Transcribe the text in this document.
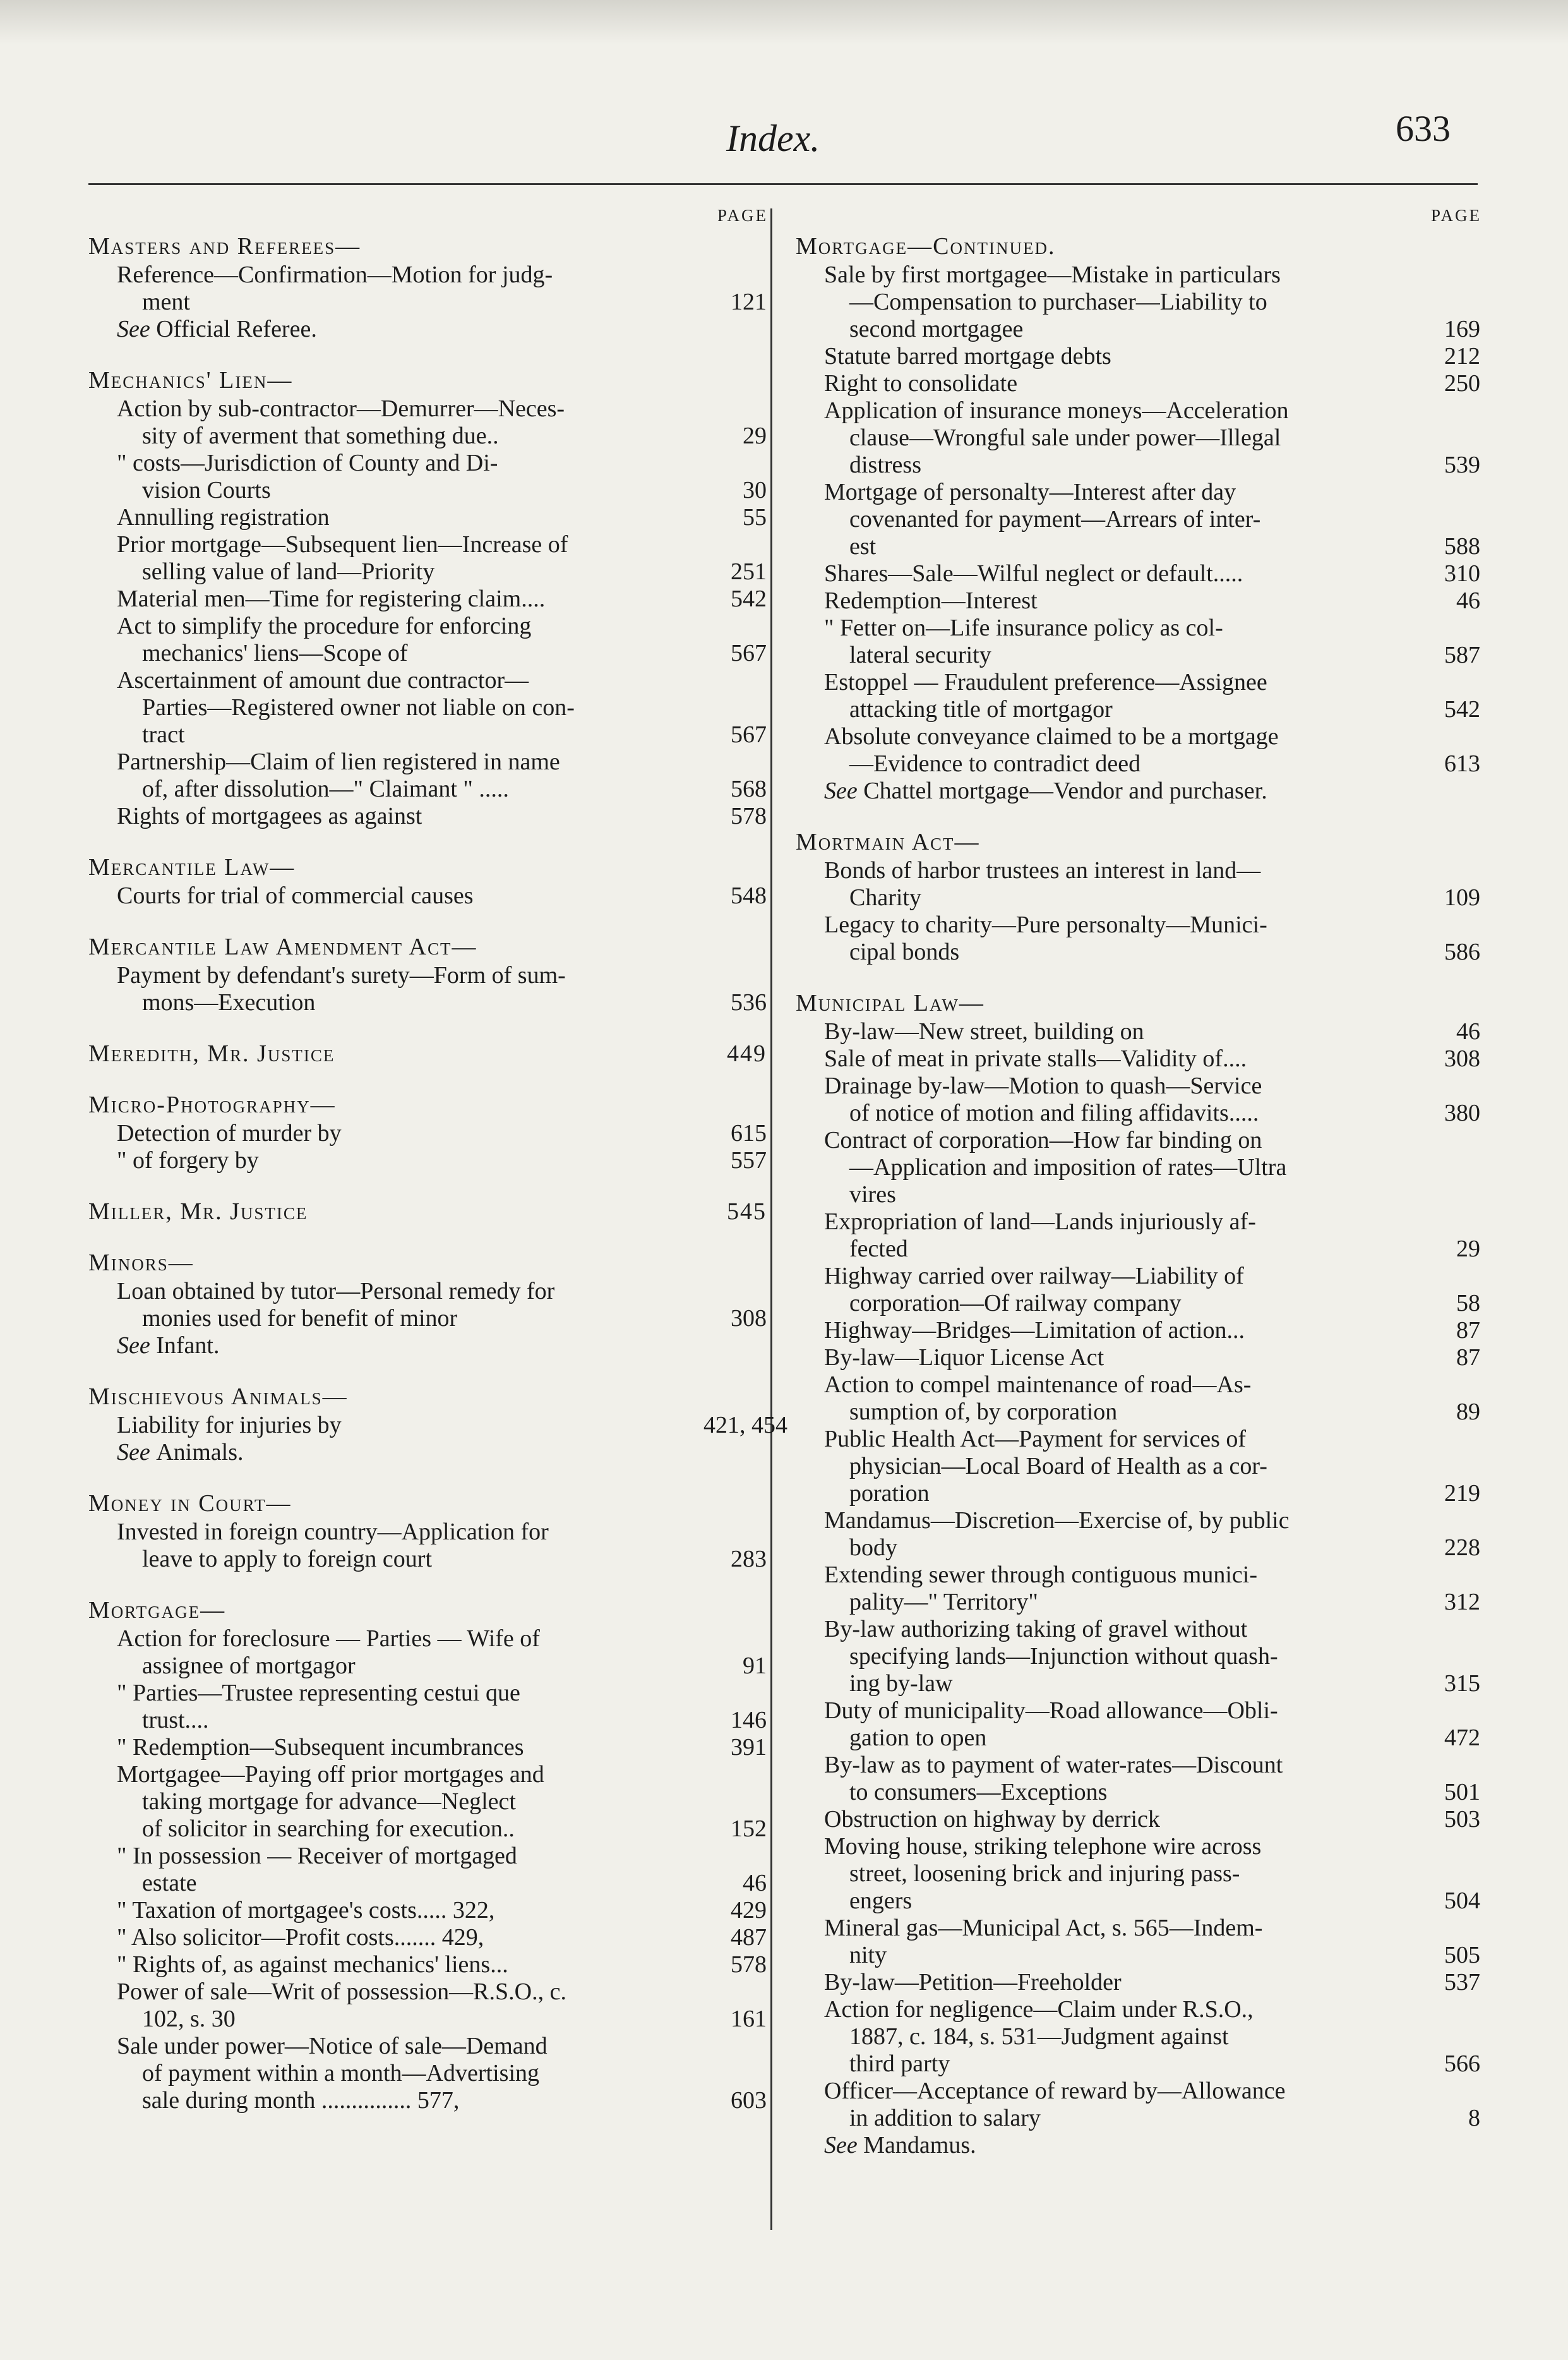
Index.	633
PAGE
Masters and Referees—
Reference—Confirmation—Motion for judg-
ment	121
See Official Referee.
Mechanics' Lien—
Action by sub-contractor—Demurrer—Neces-
sity of averment that something due..	29
" costs—Jurisdiction of County and Di-
vision Courts	30
Annulling registration	55
Prior mortgage—Subsequent lien—Increase of
selling value of land—Priority	251
Material men—Time for registering claim....	542
Act to simplify the procedure for enforcing
mechanics' liens—Scope of	567
Ascertainment of amount due contractor—
Parties—Registered owner not liable on con-
tract	567
Partnership—Claim of lien registered in name
of, after dissolution—" Claimant " .....	568
Rights of mortgagees as against	578
Mercantile Law—
Courts for trial of commercial causes	548
Mercantile Law Amendment Act—
Payment by defendant's surety—Form of sum-
mons—Execution	536
Meredith, Mr. Justice	449
Micro-Photography—
Detection of murder by	615
" of forgery by	557
Miller, Mr. Justice	545
Minors—
Loan obtained by tutor—Personal remedy for
monies used for benefit of minor	308
See Infant.
Mischievous Animals—
Liability for injuries by	421, 454
See Animals.
Money in Court—
Invested in foreign country—Application for
leave to apply to foreign court	283
Mortgage—
Action for foreclosure — Parties — Wife of
assignee of mortgagor	91
" Parties—Trustee representing cestui que
trust....	146
" Redemption—Subsequent incumbrances	391
Mortgagee—Paying off prior mortgages and
taking mortgage for advance—Neglect
of solicitor in searching for execution..	152
" In possession — Receiver of mortgaged
estate	46
" Taxation of mortgagee's costs..... 322,	429
" Also solicitor—Profit costs....... 429,	487
" Rights of, as against mechanics' liens...	578
Power of sale—Writ of possession—R.S.O., c.
102, s. 30	161
Sale under power—Notice of sale—Demand
of payment within a month—Advertising
sale during month ............... 577,	603
PAGE
Mortgage—Continued.
Sale by first mortgagee—Mistake in particulars
—Compensation to purchaser—Liability to
second mortgagee	169
Statute barred mortgage debts	212
Right to consolidate	250
Application of insurance moneys—Acceleration
clause—Wrongful sale under power—Illegal
distress	539
Mortgage of personalty—Interest after day
covenanted for payment—Arrears of inter-
est	588
Shares—Sale—Wilful neglect or default.....	310
Redemption—Interest	46
" Fetter on—Life insurance policy as col-
lateral security	587
Estoppel — Fraudulent preference—Assignee
attacking title of mortgagor	542
Absolute conveyance claimed to be a mortgage
—Evidence to contradict deed	613
See Chattel mortgage—Vendor and purchaser.
Mortmain Act—
Bonds of harbor trustees an interest in land—
Charity	109
Legacy to charity—Pure personalty—Munici-
cipal bonds	586
Municipal Law—
By-law—New street, building on	46
Sale of meat in private stalls—Validity of....	308
Drainage by-law—Motion to quash—Service
of notice of motion and filing affidavits.....	380
Contract of corporation—How far binding on
—Application and imposition of rates—Ultra
vires
Expropriation of land—Lands injuriously af-
fected	29
Highway carried over railway—Liability of
corporation—Of railway company	58
Highway—Bridges—Limitation of action...	87
By-law—Liquor License Act	87
Action to compel maintenance of road—As-
sumption of, by corporation	89
Public Health Act—Payment for services of
physician—Local Board of Health as a cor-
poration	219
Mandamus—Discretion—Exercise of, by public
body	228
Extending sewer through contiguous munici-
pality—" Territory"	312
By-law authorizing taking of gravel without
specifying lands—Injunction without quash-
ing by-law	315
Duty of municipality—Road allowance—Obli-
gation to open	472
By-law as to payment of water-rates—Discount
to consumers—Exceptions	501
Obstruction on highway by derrick	503
Moving house, striking telephone wire across
street, loosening brick and injuring pass-
engers	504
Mineral gas—Municipal Act, s. 565—Indem-
nity	505
By-law—Petition—Freeholder	537
Action for negligence—Claim under R.S.O.,
1887, c. 184, s. 531—Judgment against
third party	566
Officer—Acceptance of reward by—Allowance
in addition to salary	8
See Mandamus.
